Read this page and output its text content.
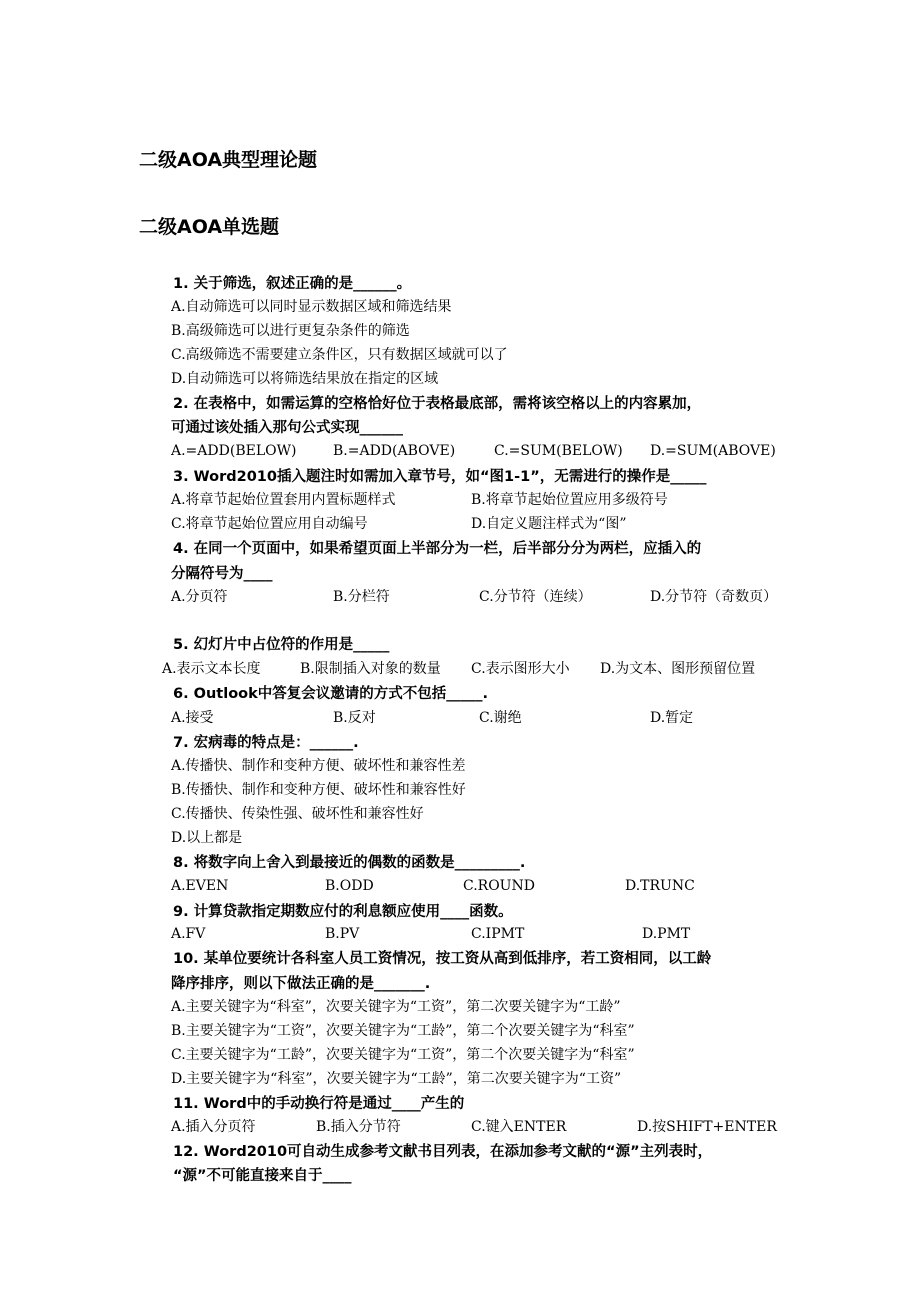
二级AOA典型理论题
二级AOA单选题
1. 关于筛选，叙述正确的是______。
A.自动筛选可以同时显示数据区域和筛选结果
B.高级筛选可以进行更复杂条件的筛选
C.高级筛选不需要建立条件区，只有数据区域就可以了
D.自动筛选可以将筛选结果放在指定的区域
2. 在表格中，如需运算的空格恰好位于表格最底部，需将该空格以上的内容累加，
可通过该处插入那句公式实现______
A.=ADD(BELOW)	B.=ADD(ABOVE)	C.=SUM(BELOW) D.=SUM(ABOVE)
3. Word2010插入题注时如需加入章节号，如“图1-1”，无需进行的操作是_____
A.将章节起始位置套用内置标题样式	B.将章节起始位置应用多级符号
C.将章节起始位置应用自动编号	D.自定义题注样式为“图”
4. 在同一个页面中，如果希望页面上半部分为一栏，后半部分分为两栏，应插入的
分隔符号为____
A.分页符	B.分栏符	C.分节符（连续）	D.分节符（奇数页）
5. 幻灯片中占位符的作用是_____
A.表示文本长度	B.限制插入对象的数量 C.表示图形大小 D.为文本、图形预留位置
6. Outlook中答复会议邀请的方式不包括_____.
A.接受	B.反对	C.谢绝	D.暂定
7. 宏病毒的特点是：______.
A.传播快、制作和变种方便、破坏性和兼容性差
B.传播快、制作和变种方便、破坏性和兼容性好
C.传播快、传染性强、破坏性和兼容性好
D.以上都是
8. 将数字向上舍入到最接近的偶数的函数是_________.
A.EVEN	B.ODD	C.ROUND	D.TRUNC
9. 计算贷款指定期数应付的利息额应使用____函数。
A.FV	B.PV	C.IPMT	D.PMT
10. 某单位要统计各科室人员工资情况，按工资从高到低排序，若工资相同，以工龄
降序排序，则以下做法正确的是_______.
A.主要关键字为“科室”，次要关键字为“工资”，第二次要关键字为“工龄”
B.主要关键字为“工资”，次要关键字为“工龄”，第二个次要关键字为“科室”
C.主要关键字为“工龄”，次要关键字为“工资”，第二个次要关键字为“科室”
D.主要关键字为“科室”，次要关键字为“工龄”，第二次要关键字为“工资”
11. Word中的手动换行符是通过____产生的
A.插入分页符	B.插入分节符	C.键入ENTER	D.按SHIFT+ENTER
12. Word2010可自动生成参考文献书目列表，在添加参考文献的“源”主列表时，
“源”不可能直接来自于____
